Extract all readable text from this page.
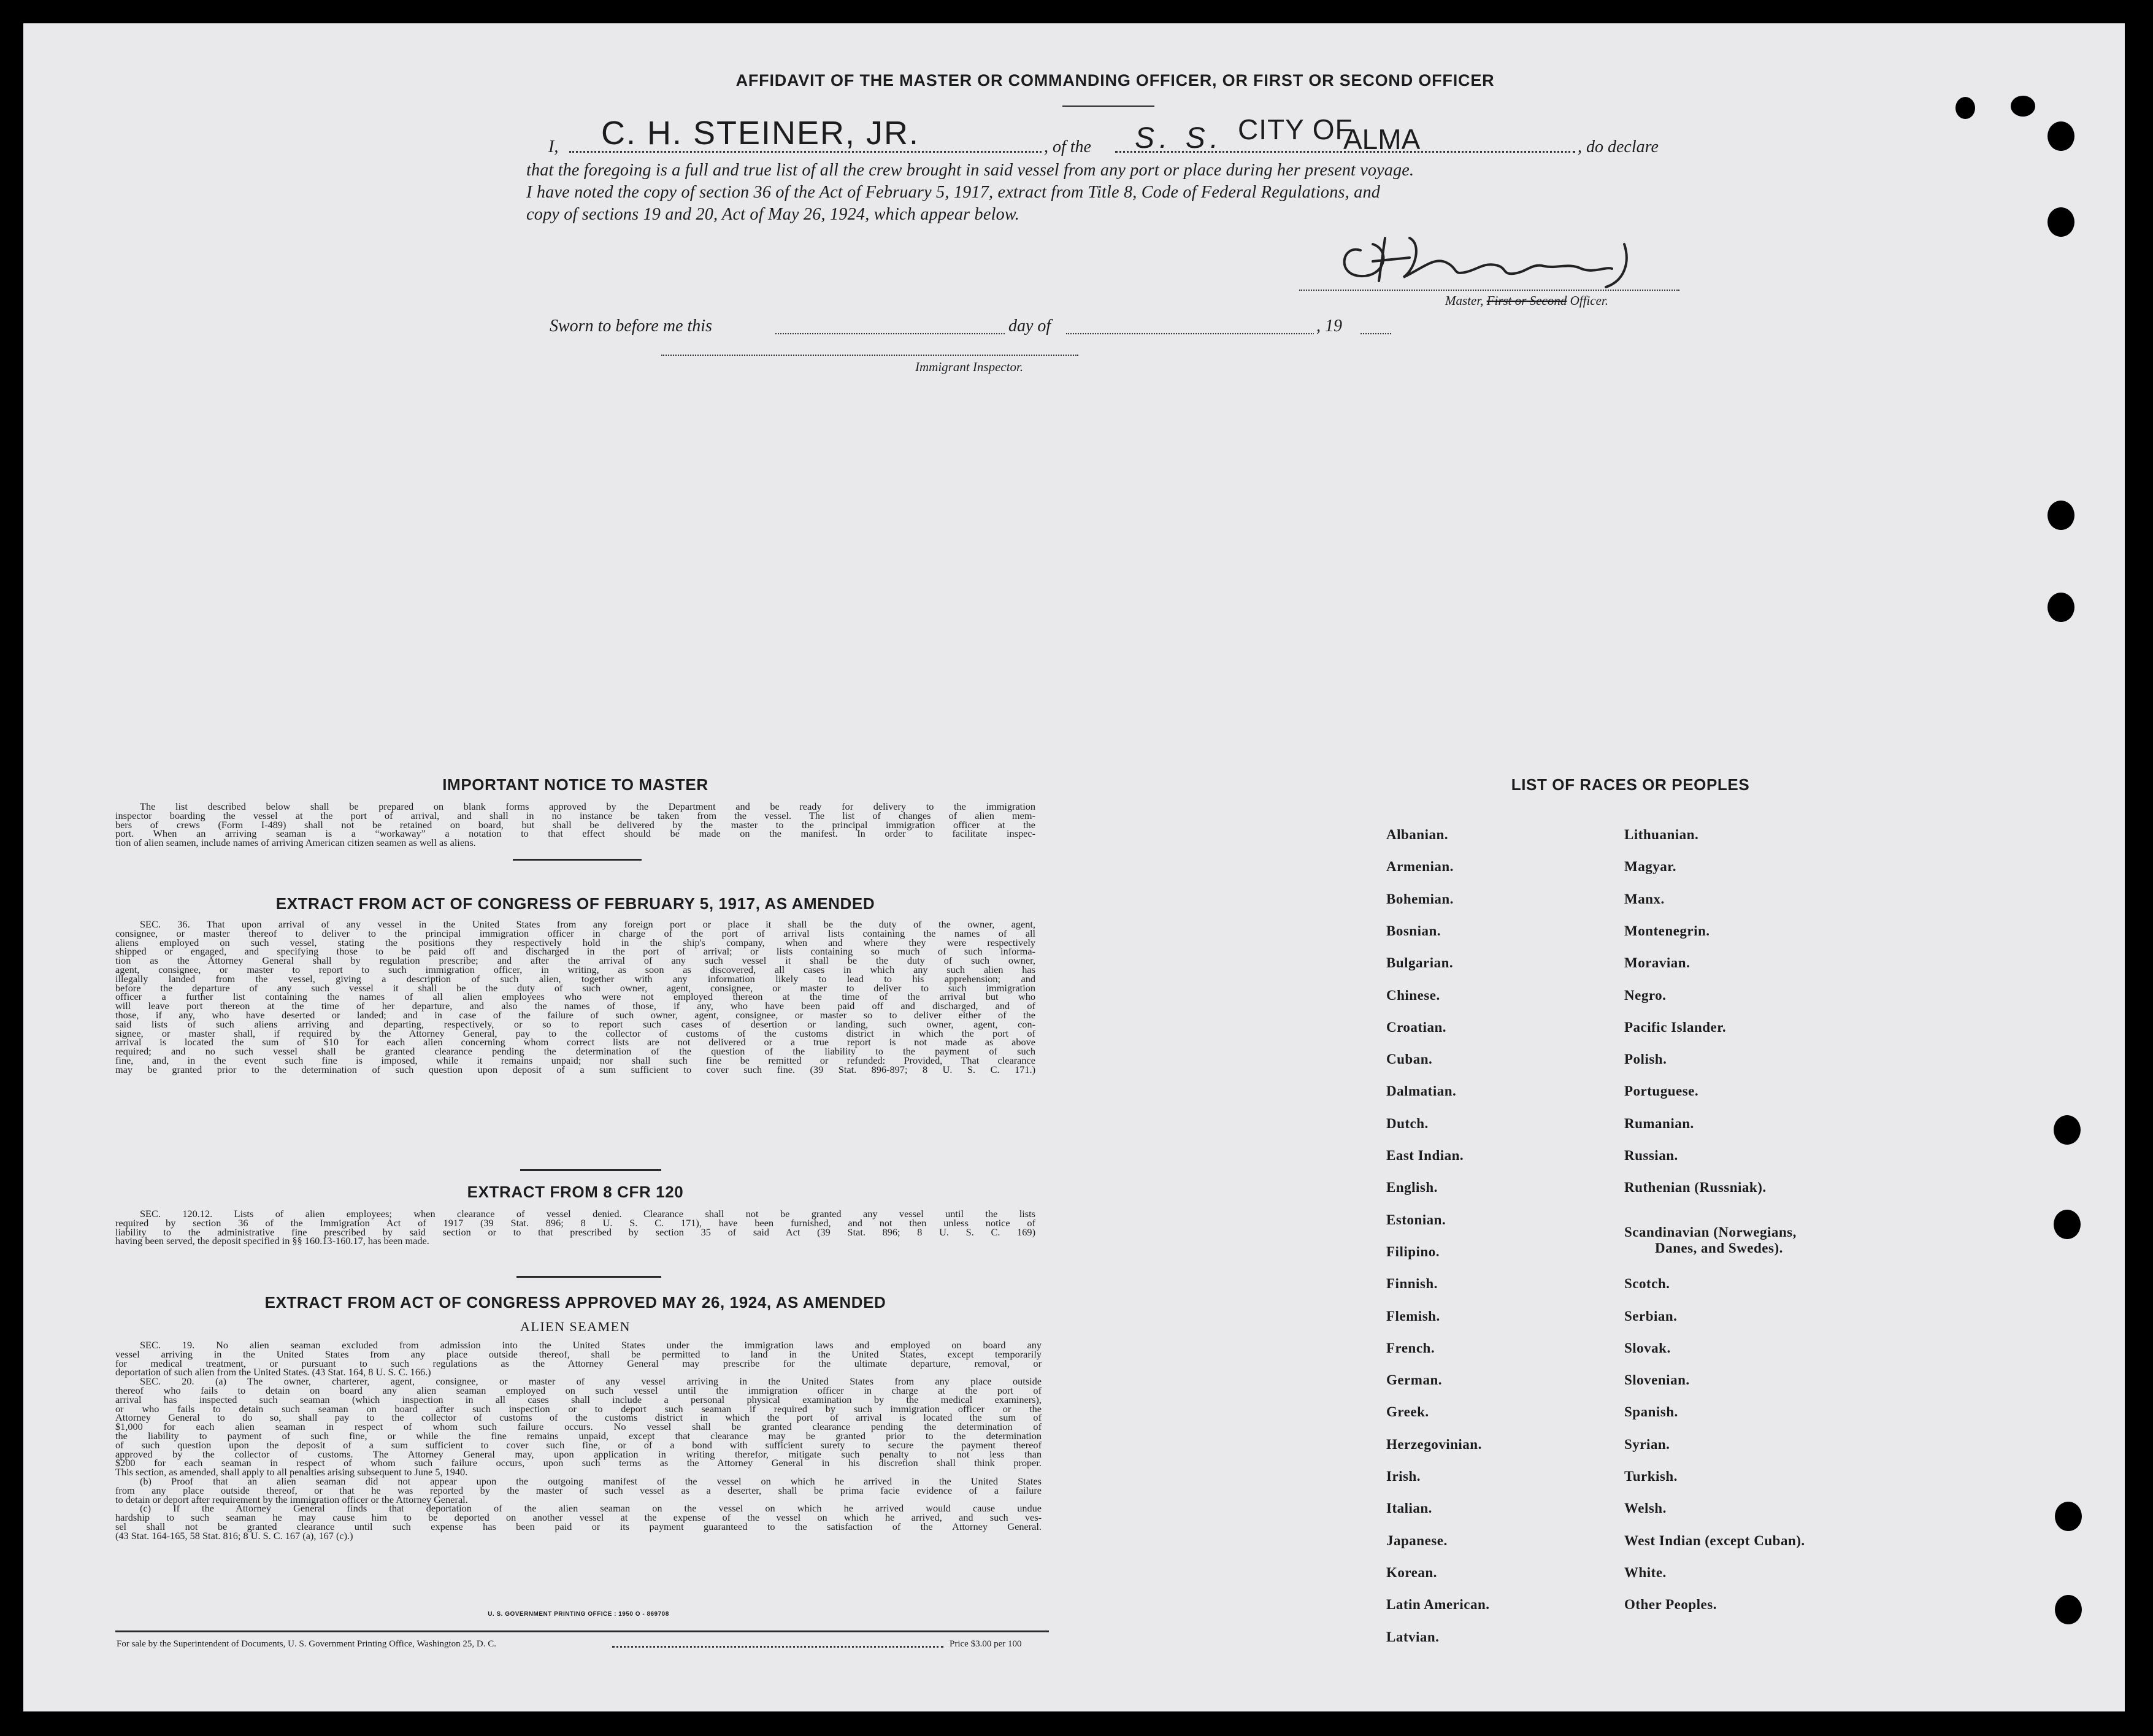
AFFIDAVIT OF THE MASTER OR COMMANDING OFFICER, OR FIRST OR SECOND OFFICER
I, C. H. STEINER, JR.	, of the S. S. CITY OF
ALMA	, do declare
that the foregoing is a full and true list of all the crew brought in said vessel from any port or place during her present voyage.
I have noted the copy of section 36 of the Act of February 5, 1917, extract from Title 8, Code of Federal Regulations, and
copy of sections 19 and 20, Act of May 26, 1924, which appear below.
Master, First or Second Officer.
Sworn to before me this	day of	, 19
Immigrant Inspector.
IMPORTANT NOTICE TO MASTER
The list described below shall be prepared on blank forms approved by the Department and be ready for delivery to the immigration
inspector boarding the vessel at the port of arrival, and shall in no instance be taken from the vessel. The list of changes of alien mem-
bers of crews (Form I-489) shall not be retained on board, but shall be delivered by the master to the principal immigration officer at the
port. When an arriving seaman is a “workaway” a notation to that effect should be made on the manifest. In order to facilitate inspec-
tion of alien seamen, include names of arriving American citizen seamen as well as aliens.
EXTRACT FROM ACT OF CONGRESS OF FEBRUARY 5, 1917, AS AMENDED
SEC. 36. That upon arrival of any vessel in the United States from any foreign port or place it shall be the duty of the owner, agent,
consignee, or master thereof to deliver to the principal immigration officer in charge of the port of arrival lists containing the names of all
aliens employed on such vessel, stating the positions they respectively hold in the ship's company, when and where they were respectively
shipped or engaged, and specifying those to be paid off and discharged in the port of arrival; or lists containing so much of such informa-
tion as the Attorney General shall by regulation prescribe; and after the arrival of any such vessel it shall be the duty of such owner,
agent, consignee, or master to report to such immigration officer, in writing, as soon as discovered, all cases in which any such alien has
illegally landed from the vessel, giving a description of such alien, together with any information likely to lead to his apprehension; and
before the departure of any such vessel it shall be the duty of such owner, agent, consignee, or master to deliver to such immigration
officer a further list containing the names of all alien employees who were not employed thereon at the time of the arrival but who
will leave port thereon at the time of her departure, and also the names of those, if any, who have been paid off and discharged, and of
those, if any, who have deserted or landed; and in case of the failure of such owner, agent, consignee, or master so to deliver either of the
said lists of such aliens arriving and departing, respectively, or so to report such cases of desertion or landing, such owner, agent, con-
signee, or master shall, if required by the Attorney General, pay to the collector of customs of the customs district in which the port of
arrival is located the sum of $10 for each alien concerning whom correct lists are not delivered or a true report is not made as above
required; and no such vessel shall be granted clearance pending the determination of the question of the liability to the payment of such
fine, and, in the event such fine is imposed, while it remains unpaid; nor shall such fine be remitted or refunded: Provided, That clearance
may be granted prior to the determination of such question upon deposit of a sum sufficient to cover such fine. (39 Stat. 896-897; 8 U. S. C. 171.)
EXTRACT FROM 8 CFR 120
SEC. 120.12. Lists of alien employees; when clearance of vessel denied. Clearance shall not be granted any vessel until the lists
required by section 36 of the Immigration Act of 1917 (39 Stat. 896; 8 U. S. C. 171), have been furnished, and not then unless notice of
liability to the administrative fine prescribed by said section or to that prescribed by section 35 of said Act (39 Stat. 896; 8 U. S. C. 169)
having been served, the deposit specified in §§ 160.13-160.17, has been made.
EXTRACT FROM ACT OF CONGRESS APPROVED MAY 26, 1924, AS AMENDED
ALIEN SEAMEN
SEC. 19. No alien seaman excluded from admission into the United States under the immigration laws and employed on board any
vessel arriving in the United States from any place outside thereof, shall be permitted to land in the United States, except temporarily
for medical treatment, or pursuant to such regulations as the Attorney General may prescribe for the ultimate departure, removal, or
deportation of such alien from the United States. (43 Stat. 164, 8 U. S. C. 166.)
SEC. 20. (a) The owner, charterer, agent, consignee, or master of any vessel arriving in the United States from any place outside
thereof who fails to detain on board any alien seaman employed on such vessel until the immigration officer in charge at the port of
arrival has inspected such seaman (which inspection in all cases shall include a personal physical examination by the medical examiners),
or who fails to detain such seaman on board after such inspection or to deport such seaman if required by such immigration officer or the
Attorney General to do so, shall pay to the collector of customs of the customs district in which the port of arrival is located the sum of
$1,000 for each alien seaman in respect of whom such failure occurs. No vessel shall be granted clearance pending the determination of
the liability to payment of such fine, or while the fine remains unpaid, except that clearance may be granted prior to the determination
of such question upon the deposit of a sum sufficient to cover such fine, or of a bond with sufficient surety to secure the payment thereof
approved by the collector of customs. The Attorney General may, upon application in writing therefor, mitigate such penalty to not less than
$200 for each seaman in respect of whom such failure occurs, upon such terms as the Attorney General in his discretion shall think proper.
This section, as amended, shall apply to all penalties arising subsequent to June 5, 1940.
(b) Proof that an alien seaman did not appear upon the outgoing manifest of the vessel on which he arrived in the United States
from any place outside thereof, or that he was reported by the master of such vessel as a deserter, shall be prima facie evidence of a failure
to detain or deport after requirement by the immigration officer or the Attorney General.
(c) If the Attorney General finds that deportation of the alien seaman on the vessel on which he arrived would cause undue
hardship to such seaman he may cause him to be deported on another vessel at the expense of the vessel on which he arrived, and such ves-
sel shall not be granted clearance until such expense has been paid or its payment guaranteed to the satisfaction of the Attorney General.
(43 Stat. 164-165, 58 Stat. 816; 8 U. S. C. 167 (a), 167 (c).)
U. S. GOVERNMENT PRINTING OFFICE : 1950 O - 869708
For sale by the Superintendent of Documents, U. S. Government Printing Office, Washington 25, D. C.	Price $3.00 per 100
LIST OF RACES OR PEOPLES
Albanian.
Armenian.
Bohemian.
Bosnian.
Bulgarian.
Chinese.
Croatian.
Cuban.
Dalmatian.
Dutch.
East Indian.
English.
Estonian.
Filipino.
Finnish.
Flemish.
French.
German.
Greek.
Herzegovinian.
Irish.
Italian.
Japanese.
Korean.
Latin American.
Latvian.
Lithuanian.
Magyar.
Manx.
Montenegrin.
Moravian.
Negro.
Pacific Islander.
Polish.
Portuguese.
Rumanian.
Russian.
Ruthenian (Russniak).
Scandinavian (Norwegians,
Danes, and Swedes).
Scotch.
Serbian.
Slovak.
Slovenian.
Spanish.
Syrian.
Turkish.
Welsh.
West Indian (except Cuban).
White.
Other Peoples.
